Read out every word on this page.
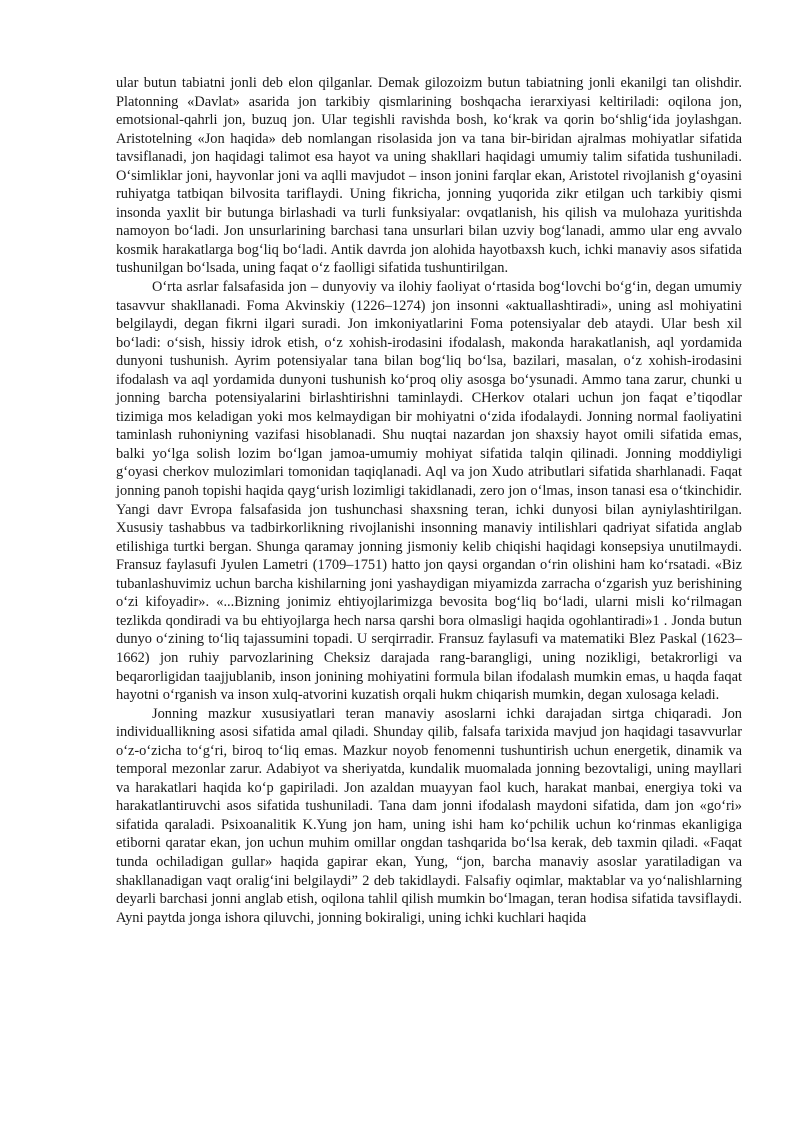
ular butun tabiatni jonli deb elon qilganlar. Demak gilozoizm butun tabiatning jonli ekanilgi tan olishdir. Platonning «Davlat» asarida jon tarkibiy qismlarining boshqacha ierarxiyasi keltiriladi: oqilona jon, emotsional-qahrli jon, buzuq jon. Ular tegishli ravishda bosh, koʻkrak va qorin boʻshligʻida joylashgan. Aristotelning «Jon haqida» deb nomlangan risolasida jon va tana bir-biridan ajralmas mohiyatlar sifatida tavsiflanadi, jon haqidagi talimot esa hayot va uning shakllari haqidagi umumiy talim sifatida tushuniladi. Oʻsimliklar joni, hayvonlar joni va aqlli mavjudot – inson jonini farqlar ekan, Aristotel rivojlanish gʻoyasini ruhiyatga tatbiqan bilvosita tariflaydi. Uning fikricha, jonning yuqorida zikr etilgan uch tarkibiy qismi insonda yaxlit bir butunga birlashadi va turli funksiyalar: ovqatlanish, his qilish va mulohaza yuritishda namoyon boʻladi. Jon unsurlarining barchasi tana unsurlari bilan uzviy bogʻlanadi, ammo ular eng avvalo kosmik harakatlarga bogʻliq boʻladi. Antik davrda jon alohida hayotbaxsh kuch, ichki manaviy asos sifatida tushunilgan boʻlsada, uning faqat oʻz faolligi sifatida tushuntirilgan.

Oʻrta asrlar falsafasida jon – dunyoviy va ilohiy faoliyat oʻrtasida bogʻlovchi boʻgʻin, degan umumiy tasavvur shakllanadi. Foma Akvinskiy (1226–1274) jon insonni «aktuallashtiradi», uning asl mohiyatini belgilaydi, degan fikrni ilgari suradi. Jon imkoniyatlarini Foma potensiyalar deb ataydi. Ular besh xil boʻladi: oʻsish, hissiy idrok etish, oʻz xohish-irodasini ifodalash, makonda harakatlanish, aql yordamida dunyoni tushunish. Ayrim potensiyalar tana bilan bogʻliq boʻlsa, bazilari, masalan, oʻz xohish-irodasini ifodalash va aql yordamida dunyoni tushunish koʻproq oliy asosga boʻysunadi. Ammo tana zarur, chunki u jonning barcha potensiyalarini birlashtirishni taminlaydi. CHerkov otalari uchun jon faqat eʼtiqodlar tizimiga mos keladigan yoki mos kelmaydigan bir mohiyatni oʻzida ifodalaydi. Jonning normal faoliyatini taminlash ruhoniyning vazifasi hisoblanadi. Shu nuqtai nazardan jon shaxsiy hayot omili sifatida emas, balki yoʻlga solish lozim boʻlgan jamoa-umumiy mohiyat sifatida talqin qilinadi. Jonning moddiyligi gʻoyasi cherkov mulozimlari tomonidan taqiqlanadi. Aql va jon Xudo atributlari sifatida sharhlanadi. Faqat jonning panoh topishi haqida qaygʻurish lozimligi takidlanadi, zero jon oʻlmas, inson tanasi esa oʻtkinchidir. Yangi davr Evropa falsafasida jon tushunchasi shaxsning teran, ichki dunyosi bilan ayniylashtirilgan. Xususiy tashabbus va tadbirkorlikning rivojlanishi insonning manaviy intilishlari qadriyat sifatida anglab etilishiga turtki bergan. Shunga qaramay jonning jismoniy kelib chiqishi haqidagi konsepsiya unutilmaydi. Fransuz faylasufi Jyulen Lametri (1709–1751) hatto jon qaysi organdan oʻrin olishini ham koʻrsatadi. «Biz tubanlashuvimiz uchun barcha kishilarning joni yashaydigan miyamizda zarracha oʻzgarish yuz berishining oʻzi kifoyadir». «...Bizning jonimiz ehtiyojlarimizga bevosita bogʻliq boʻladi, ularni misli koʻrilmagan tezlikda qondiradi va bu ehtiyojlarga hech narsa qarshi bora olmasligi haqida ogohlantiradi»1 . Jonda butun dunyo oʻzining toʻliq tajassumini topadi. U serqirradir. Fransuz faylasufi va matematiki Blez Paskal (1623–1662) jon ruhiy parvozlarining Cheksiz darajada rang-barangligi, uning nozikligi, betakrorligi va beqarorligidan taajjublanib, inson jonining mohiyatini formula bilan ifodalash mumkin emas, u haqda faqat hayotni oʻrganish va inson xulq-atvorini kuzatish orqali hukm chiqarish mumkin, degan xulosaga keladi.

Jonning mazkur xususiyatlari teran manaviy asoslarni ichki darajadan sirtga chiqaradi. Jon individuallikning asosi sifatida amal qiladi. Shunday qilib, falsafa tarixida mavjud jon haqidagi tasavvurlar oʻz-oʻzicha toʻgʻri, biroq toʻliq emas. Mazkur noyob fenomenni tushuntirish uchun energetik, dinamik va temporal mezonlar zarur. Adabiyot va sheriyatda, kundalik muomalada jonning bezovtaligi, uning mayllari va harakatlari haqida koʻp gapiriladi. Jon azaldan muayyan faol kuch, harakat manbai, energiya toki va harakatlantiruvchi asos sifatida tushuniladi. Tana dam jonni ifodalash maydoni sifatida, dam jon «goʻri» sifatida qaraladi. Psixoanalitik K.Yung jon ham, uning ishi ham koʻpchilik uchun koʻrinmas ekanligiga etiborni qaratar ekan, jon uchun muhim omillar ongdan tashqarida boʻlsa kerak, deb taxmin qiladi. «Faqat tunda ochiladigan gullar» haqida gapirar ekan, Yung, “jon, barcha manaviy asoslar yaratiladigan va shakllanadigan vaqt oraligʻini belgilaydi” 2 deb takidlaydi. Falsafiy oqimlar, maktablar va yoʻnalishlarning deyarli barchasi jonni anglab etish, oqilona tahlil qilish mumkin boʻlmagan, teran hodisa sifatida tavsiflaydi. Ayni paytda jonga ishora qiluvchi, jonning bokiraligi, uning ichki kuchlari haqida
